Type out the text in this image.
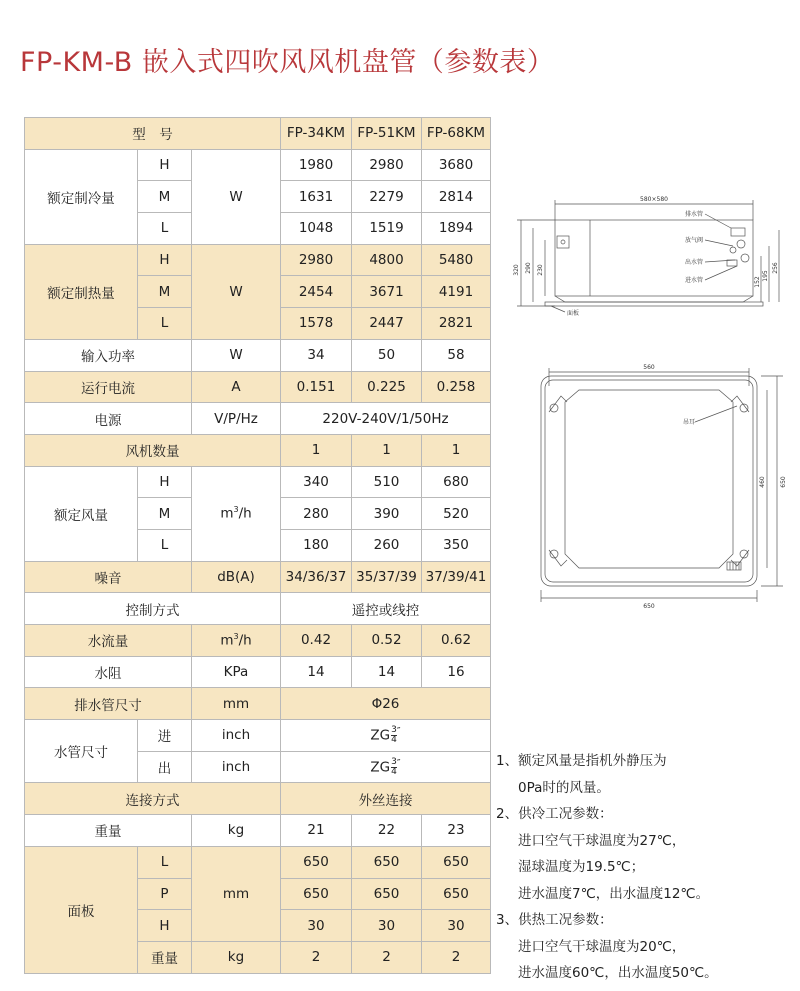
FP-KM-B 嵌入式四吹风风机盘管（参数表）
型　号			FP-34KM	FP-51KM	FP-68KM
额定制冷量	H	W	1980	2980	3680
	M		1631	2279	2814
	L		1048	1519	1894
额定制热量	H	W	2980	4800	5480
	M		2454	3671	4191
	L		1578	2447	2821
输入功率		W	34	50	58
运行电流		A	0.151	0.225	0.258
电源		V/P/Hz	220V-240V/1/50Hz		
风机数量			1	1	1
额定风量	H	$m^3/h$	340	510	680
	M		280	390	520
	L		180	260	350
噪音		dB(A)	34/36/37	35/37/39	37/39/41
控制方式			遥控或线控		
水流量		$m^3/h$	0.42	0.52	0.62
水阻		KPa	14	14	16
排水管尺寸		mm	Φ26		
水管尺寸	进	inch	ZG $\frac{3}{4} ''$
	出	inch	ZG $\frac{3}{4} ''$
连接方式			外丝连接		
重量		kg	21	22	23
面板	L	mm	650	650	650
	P		650	650	650
	H		30	30	30
	重量	kg	2	2	2
580×580
排水管
放气阀
出水管
进水管
面板
320 290 230
152
195
256
560
460 650
650
吊耳
1、额定风量是指机外静压为
0Pa时的风量。
2、供冷工况参数：
进口空气干球温度为27℃，
湿球温度为19.5℃；
进水温度7℃，出水温度12℃。
3、供热工况参数：
进口空气干球温度为20℃，
进水温度60℃，出水温度50℃。
